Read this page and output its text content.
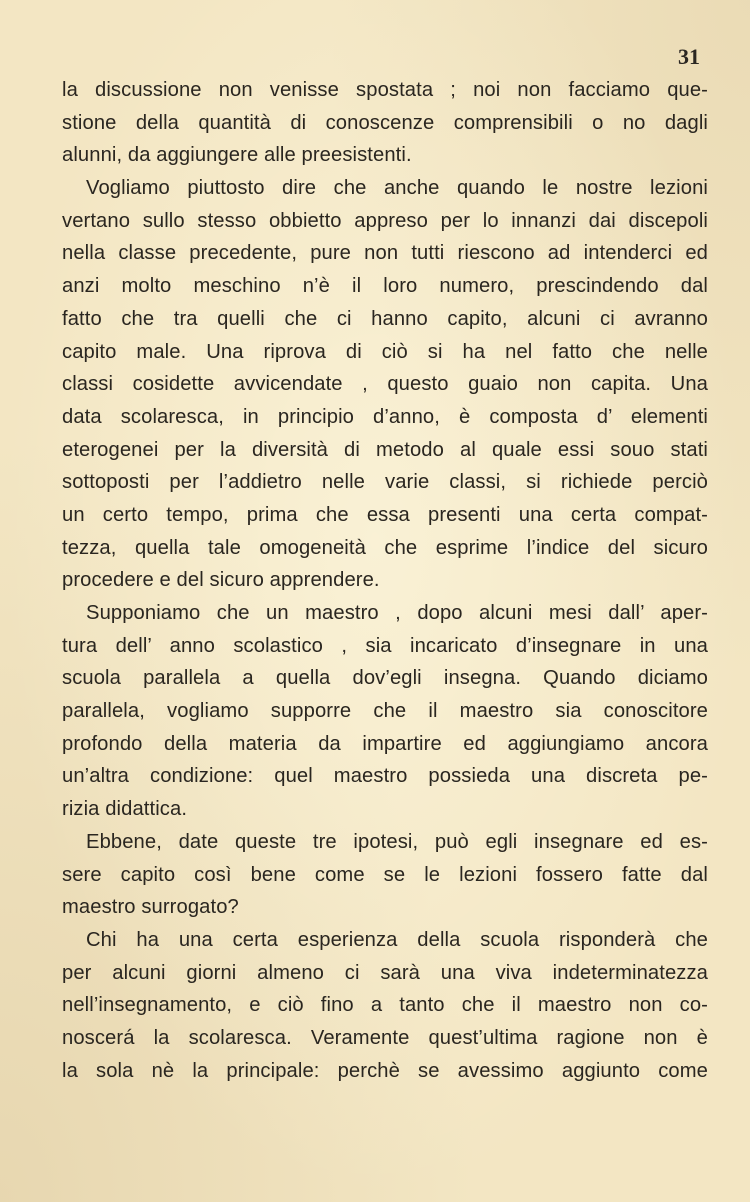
31
la discussione non venisse spostata ; noi non facciamo que-
stione della quantità di conoscenze comprensibili o no dagli
alunni, da aggiungere alle preesistenti.
Vogliamo piuttosto dire che anche quando le nostre lezioni
vertano sullo stesso obbietto appreso per lo innanzi dai discepoli
nella classe precedente, pure non tutti riescono ad intenderci ed
anzi molto meschino n’è il loro numero, prescindendo dal
fatto che tra quelli che ci hanno capito, alcuni ci avranno
capito male. Una riprova di ciò si ha nel fatto che nelle
classi cosidette avvicendate , questo guaio non capita. Una
data scolaresca, in principio d’anno, è composta d’ elementi
eterogenei per la diversità di metodo al quale essi souo stati
sottoposti per l’addietro nelle varie classi, si richiede perciò
un certo tempo, prima che essa presenti una certa compat-
tezza, quella tale omogeneità che esprime l’indice del sicuro
procedere e del sicuro apprendere.
Supponiamo che un maestro , dopo alcuni mesi dall’ aper-
tura dell’ anno scolastico , sia incaricato d’insegnare in una
scuola parallela a quella dov’egli insegna. Quando diciamo
parallela, vogliamo supporre che il maestro sia conoscitore
profondo della materia da impartire ed aggiungiamo ancora
un’altra condizione: quel maestro possieda una discreta pe-
rizia didattica.
Ebbene, date queste tre ipotesi, può egli insegnare ed es-
sere capito così bene come se le lezioni fossero fatte dal
maestro surrogato?
Chi ha una certa esperienza della scuola risponderà che
per alcuni giorni almeno ci sarà una viva indeterminatezza
nell’insegnamento, e ciò fino a tanto che il maestro non co-
noscerá la scolaresca. Veramente quest’ultima ragione non è
la sola nè la principale: perchè se avessimo aggiunto come
